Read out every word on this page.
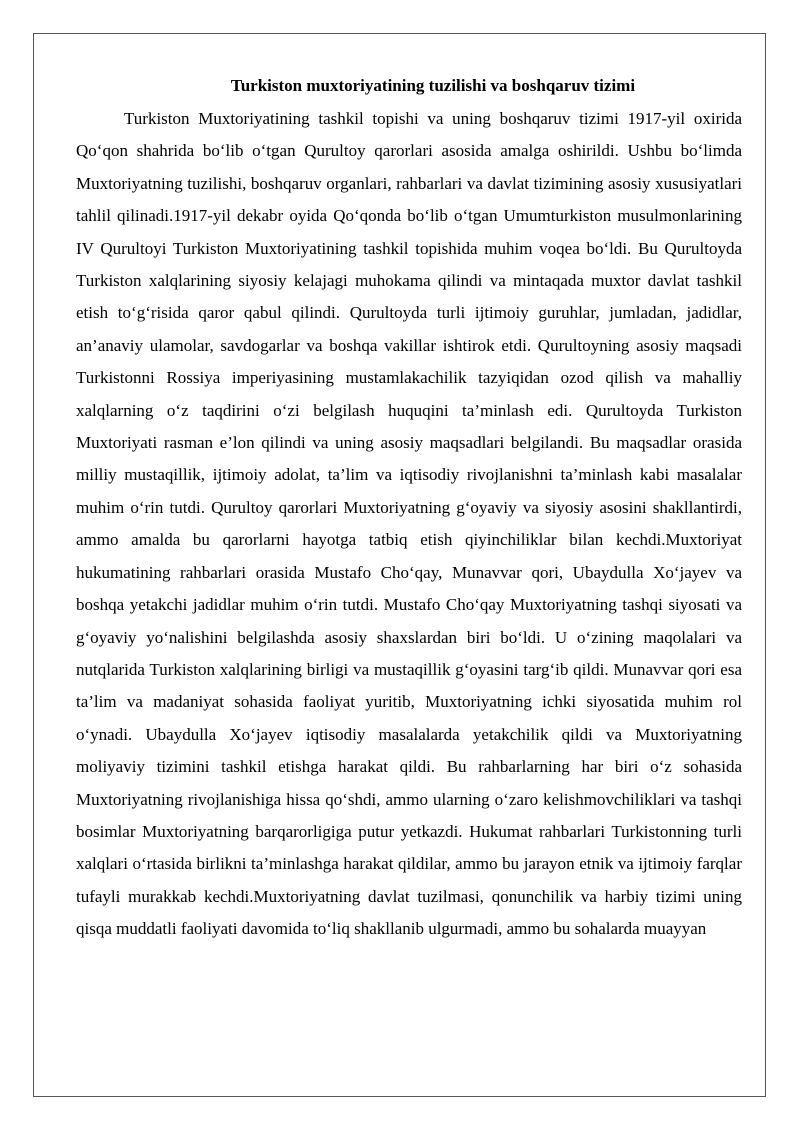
Turkiston muxtoriyatining tuzilishi va boshqaruv tizimi

Turkiston Muxtoriyatining tashkil topishi va uning boshqaruv tizimi 1917-yil oxirida Qo‘qon shahrida bo‘lib o‘tgan Qurultoy qarorlari asosida amalga oshirildi. Ushbu bo‘limda Muxtoriyatning tuzilishi, boshqaruv organlari, rahbarlari va davlat tizimining asosiy xususiyatlari tahlil qilinadi.1917-yil dekabr oyida Qo‘qonda bo‘lib o‘tgan Umumturkiston musulmonlarining IV Qurultoyi Turkiston Muxtoriyatining tashkil topishida muhim voqea bo‘ldi. Bu Qurultoyda Turkiston xalqlarining siyosiy kelajagi muhokama qilindi va mintaqada muxtor davlat tashkil etish to‘g‘risida qaror qabul qilindi. Qurultoyda turli ijtimoiy guruhlar, jumladan, jadidlar, an’anaviy ulamolar, savdogarlar va boshqa vakillar ishtirok etdi. Qurultoyning asosiy maqsadi Turkistonni Rossiya imperiyasining mustamlakachilik tazyiqidan ozod qilish va mahalliy xalqlarning o‘z taqdirini o‘zi belgilash huquqini ta’minlash edi. Qurultoyda Turkiston Muxtoriyati rasman e’lon qilindi va uning asosiy maqsadlari belgilandi. Bu maqsadlar orasida milliy mustaqillik, ijtimoiy adolat, ta’lim va iqtisodiy rivojlanishni ta’minlash kabi masalalar muhim o‘rin tutdi. Qurultoy qarorlari Muxtoriyatning g‘oyaviy va siyosiy asosini shakllantirdi, ammo amalda bu qarorlarni hayotga tatbiq etish qiyinchiliklar bilan kechdi.Muxtoriyat hukumatining rahbarlari orasida Mustafo Cho‘qay, Munavvar qori, Ubaydulla Xo‘jayev va boshqa yetakchi jadidlar muhim o‘rin tutdi. Mustafo Cho‘qay Muxtoriyatning tashqi siyosati va g‘oyaviy yo‘nalishini belgilashda asosiy shaxslardan biri bo‘ldi. U o‘zining maqolalari va nutqlarida Turkiston xalqlarining birligi va mustaqillik g‘oyasini targ‘ib qildi. Munavvar qori esa ta’lim va madaniyat sohasida faoliyat yuritib, Muxtoriyatning ichki siyosatida muhim rol o‘ynadi. Ubaydulla Xo‘jayev iqtisodiy masalalarda yetakchilik qildi va Muxtoriyatning moliyaviy tizimini tashkil etishga harakat qildi. Bu rahbarlarning har biri o‘z sohasida Muxtoriyatning rivojlanishiga hissa qo‘shdi, ammo ularning o‘zaro kelishmovchiliklari va tashqi bosimlar Muxtoriyatning barqarorligiga putur yetkazdi. Hukumat rahbarlari Turkistonning turli xalqlari o‘rtasida birlikni ta’minlashga harakat qildilar, ammo bu jarayon etnik va ijtimoiy farqlar tufayli murakkab kechdi.Muxtoriyatning davlat tuzilmasi, qonunchilik va harbiy tizimi uning qisqa muddatli faoliyati davomida to‘liq shakllanib ulgurmadi, ammo bu sohalarda muayyan
